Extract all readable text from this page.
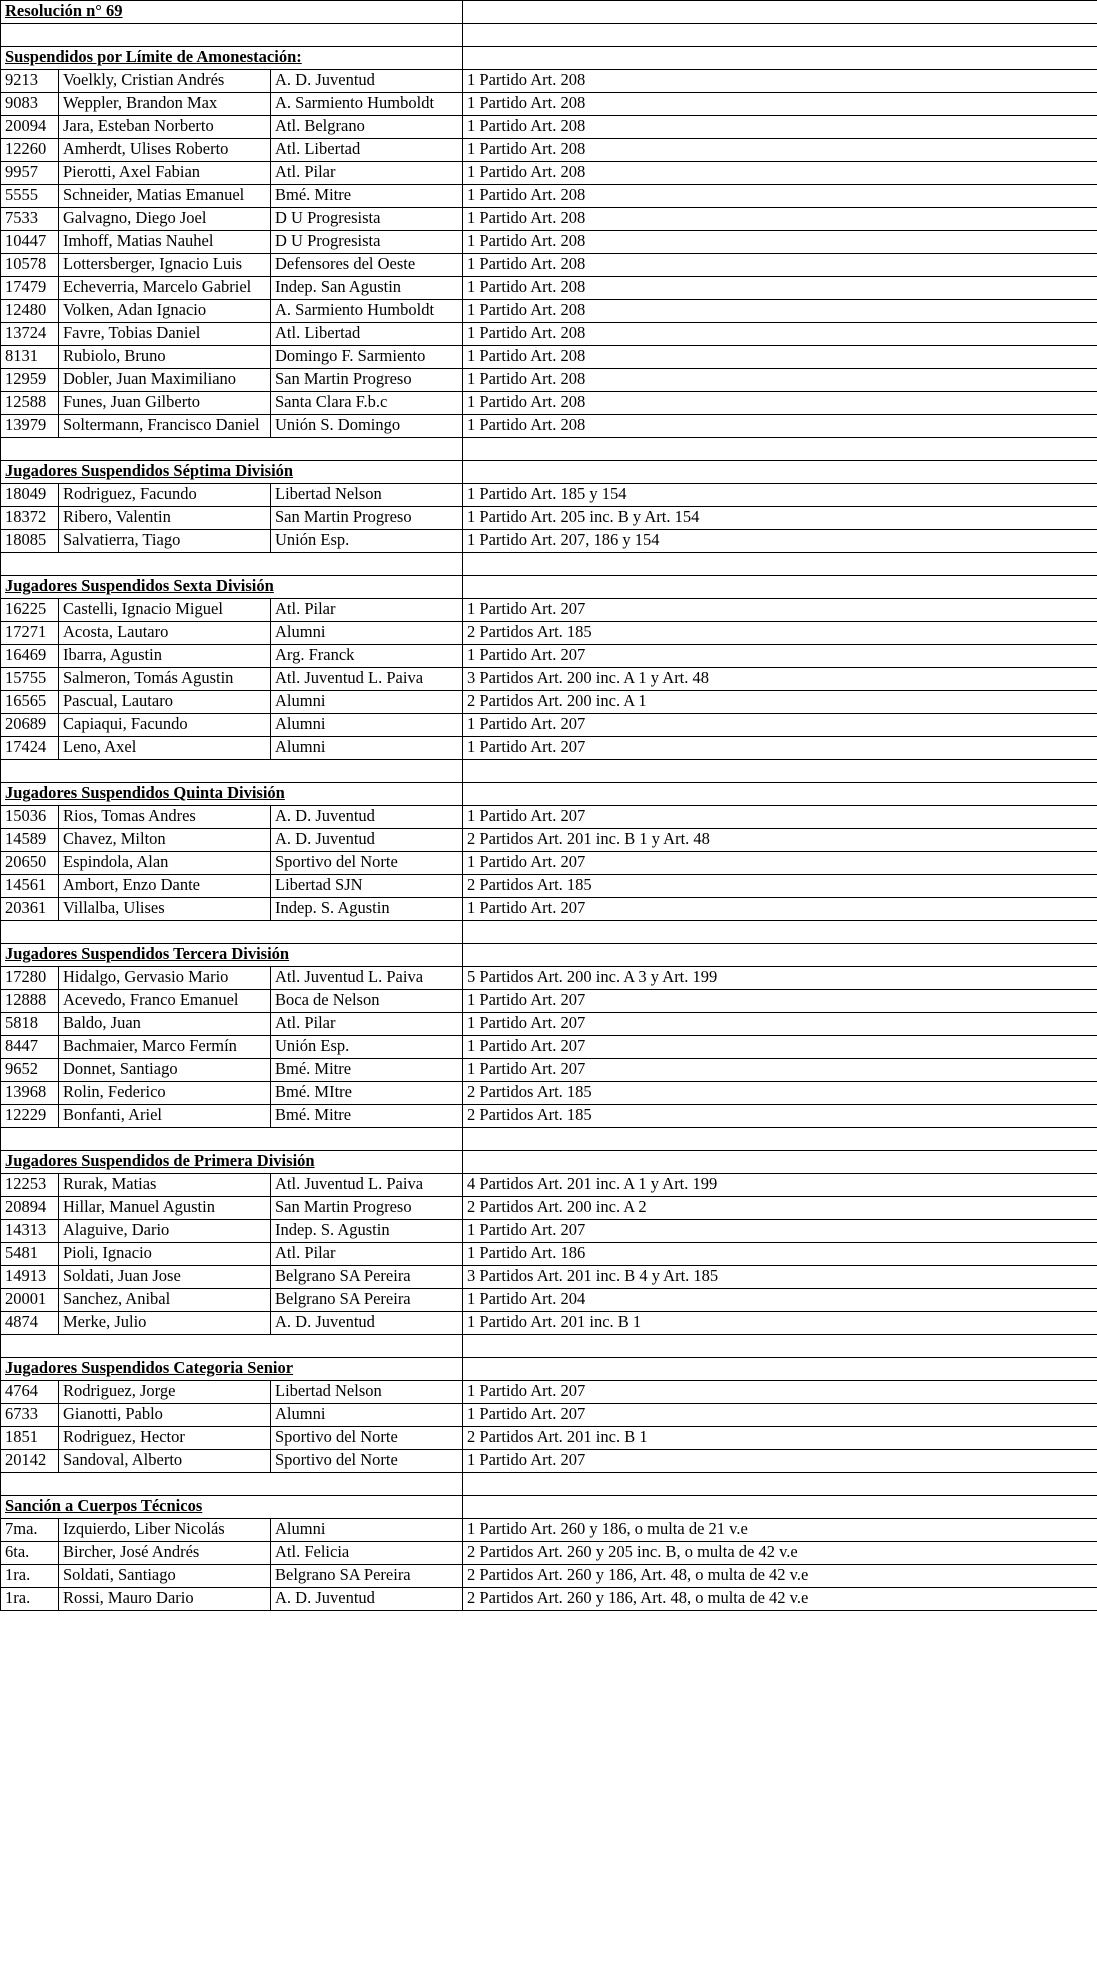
Resolución n° 69			

Suspendidos por Límite de Amonestación:			
9213	Voelkly, Cristian Andrés	A. D. Juventud	1 Partido Art. 208
9083	Weppler, Brandon Max	A. Sarmiento Humboldt	1 Partido Art. 208
20094	Jara, Esteban Norberto	Atl. Belgrano	1 Partido Art. 208
12260	Amherdt, Ulises Roberto	Atl. Libertad	1 Partido Art. 208
9957	Pierotti, Axel Fabian	Atl. Pilar	1 Partido Art. 208
5555	Schneider, Matias Emanuel	Bmé. Mitre	1 Partido Art. 208
7533	Galvagno, Diego Joel	D U Progresista	1 Partido Art. 208
10447	Imhoff, Matias Nauhel	D U Progresista	1 Partido Art. 208
10578	Lottersberger, Ignacio Luis	Defensores del Oeste	1 Partido Art. 208
17479	Echeverria, Marcelo Gabriel	Indep. San Agustin	1 Partido Art. 208
12480	Volken, Adan Ignacio	A. Sarmiento Humboldt	1 Partido Art. 208
13724	Favre, Tobias Daniel	Atl. Libertad	1 Partido Art. 208
8131	Rubiolo, Bruno	Domingo F. Sarmiento	1 Partido Art. 208
12959	Dobler, Juan Maximiliano	San Martin Progreso	1 Partido Art. 208
12588	Funes, Juan Gilberto	Santa Clara F.b.c	1 Partido Art. 208
13979	Soltermann, Francisco Daniel	Unión S. Domingo	1 Partido Art. 208

Jugadores Suspendidos Séptima División			
18049	Rodriguez, Facundo	Libertad Nelson	1 Partido Art. 185 y 154
18372	Ribero, Valentin	San Martin Progreso	1 Partido Art. 205 inc. B y Art. 154
18085	Salvatierra, Tiago	Unión Esp.	1 Partido Art. 207, 186 y 154

Jugadores Suspendidos Sexta División			
16225	Castelli, Ignacio Miguel	Atl. Pilar	1 Partido Art. 207
17271	Acosta, Lautaro	Alumni	2 Partidos Art. 185
16469	Ibarra, Agustin	Arg. Franck	1 Partido Art. 207
15755	Salmeron, Tomás Agustin	Atl. Juventud L. Paiva	3 Partidos Art. 200 inc. A 1 y Art. 48
16565	Pascual, Lautaro	Alumni	2 Partidos Art. 200 inc. A 1
20689	Capiaqui, Facundo	Alumni	1 Partido Art. 207
17424	Leno, Axel	Alumni	1 Partido Art. 207

Jugadores Suspendidos Quinta División			
15036	Rios, Tomas Andres	A. D. Juventud	1 Partido Art. 207
14589	Chavez, Milton	A. D. Juventud	2 Partidos Art. 201 inc. B 1 y Art. 48
20650	Espindola, Alan	Sportivo del Norte	1 Partido Art. 207
14561	Ambort, Enzo Dante	Libertad SJN	2 Partidos Art. 185
20361	Villalba, Ulises	Indep. S. Agustin	1 Partido Art. 207

Jugadores Suspendidos Tercera División			
17280	Hidalgo, Gervasio Mario	Atl. Juventud L. Paiva	5 Partidos Art. 200 inc. A 3 y Art. 199
12888	Acevedo, Franco Emanuel	Boca de Nelson	1 Partido Art. 207
5818	Baldo, Juan	Atl. Pilar	1 Partido Art. 207
8447	Bachmaier, Marco Fermín	Unión Esp.	1 Partido Art. 207
9652	Donnet, Santiago	Bmé. Mitre	1 Partido Art. 207
13968	Rolin, Federico	Bmé. MItre	2 Partidos Art. 185
12229	Bonfanti, Ariel	Bmé. Mitre	2 Partidos Art. 185

Jugadores Suspendidos de Primera División			
12253	Rurak, Matias	Atl. Juventud L. Paiva	4 Partidos Art. 201 inc. A 1 y Art. 199
20894	Hillar, Manuel Agustin	San Martin Progreso	2 Partidos Art. 200 inc. A 2
14313	Alaguive, Dario	Indep. S. Agustin	1 Partido Art. 207
5481	Pioli, Ignacio	Atl. Pilar	1 Partido Art. 186
14913	Soldati, Juan Jose	Belgrano SA Pereira	3 Partidos Art. 201 inc. B 4 y Art. 185
20001	Sanchez, Anibal	Belgrano SA Pereira	1 Partido Art. 204
4874	Merke, Julio	A. D. Juventud	1 Partido Art. 201 inc. B 1

Jugadores Suspendidos Categoria Senior			
4764	Rodriguez, Jorge	Libertad Nelson	1 Partido Art. 207
6733	Gianotti, Pablo	Alumni	1 Partido Art. 207
1851	Rodriguez, Hector	Sportivo del Norte	2 Partidos Art. 201 inc. B 1
20142	Sandoval, Alberto	Sportivo del Norte	1 Partido Art. 207

Sanción a Cuerpos Técnicos			
7ma.	Izquierdo, Liber Nicolás	Alumni	1 Partido Art. 260 y 186, o multa de 21 v.e
6ta.	Bircher, José Andrés	Atl. Felicia	2 Partidos Art. 260 y 205 inc. B, o multa de 42 v.e
1ra.	Soldati, Santiago	Belgrano SA Pereira	2 Partidos Art. 260 y 186, Art. 48, o multa de 42 v.e
1ra.	Rossi, Mauro Dario	A. D. Juventud	2 Partidos Art. 260 y 186, Art. 48, o multa de 42 v.e
